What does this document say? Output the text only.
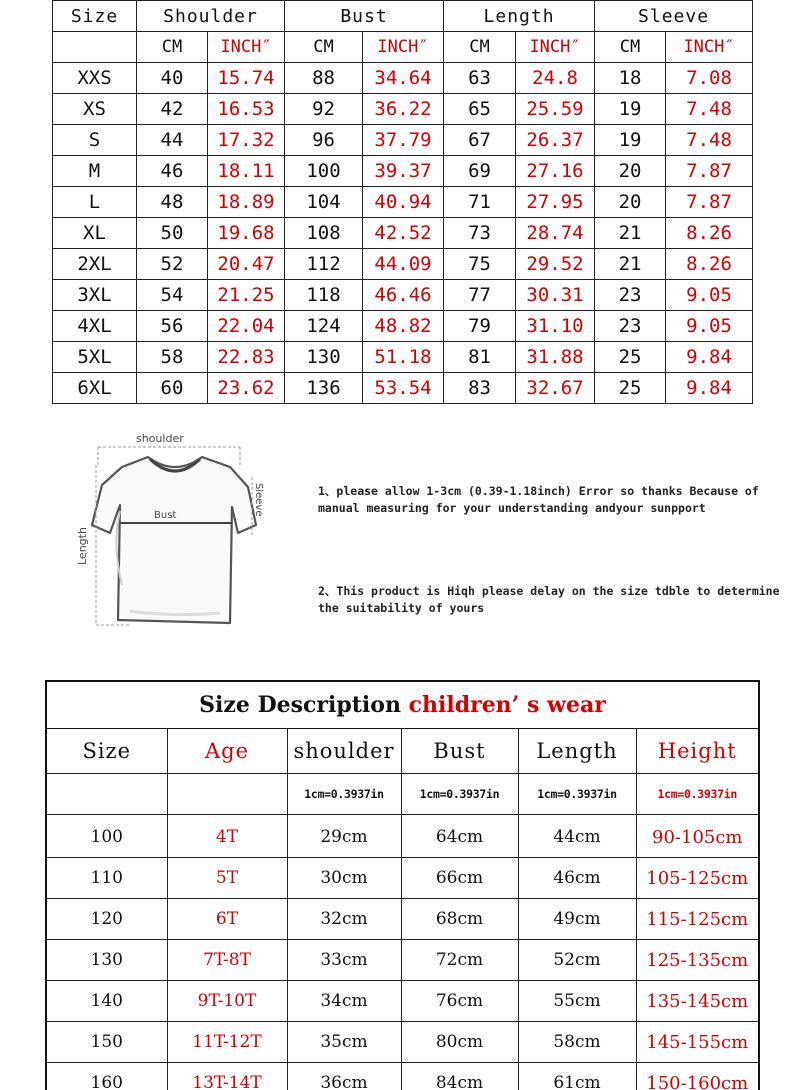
Size	Shoulder		Bust		Length		Sleeve	
	CM	INCH″	CM	INCH″	CM	INCH″	CM	INCH″
XXS	40	15.74	88	34.64	63	24.8	18	7.08
XS	42	16.53	92	36.22	65	25.59	19	7.48
S	44	17.32	96	37.79	67	26.37	19	7.48
M	46	18.11	100	39.37	69	27.16	20	7.87
L	48	18.89	104	40.94	71	27.95	20	7.87
XL	50	19.68	108	42.52	73	28.74	21	8.26
2XL	52	20.47	112	44.09	75	29.52	21	8.26
3XL	54	21.25	118	46.46	77	30.31	23	9.05
4XL	56	22.04	124	48.82	79	31.10	23	9.05
5XL	58	22.83	130	51.18	81	31.88	25	9.84
6XL	60	23.62	136	53.54	83	32.67	25	9.84
shoulder
Bust	Sleeve
Length

1、please allow 1-3cm (0.39-1.18inch) Error so thanks Because of manual measuring for your understanding andyour sunpport

2、This product is Hiqh please delay on the size tdble to determine the suitability of yours

Size Description children’ s wear
Size	Age	shoulder	Bust	Length	Height
		1cm=0.3937in	1cm=0.3937in	1cm=0.3937in	1cm=0.3937in

100	4T	29cm	64cm	44cm	90-105cm
110	5T	30cm	66cm	46cm	105-125cm
120	6T	32cm	68cm	49cm	115-125cm
130	7T-8T	33cm	72cm	52cm	125-135cm
140	9T-10T	34cm	76cm	55cm	135-145cm
150	11T-12T	35cm	80cm	58cm	145-155cm
160	13T-14T	36cm	84cm	61cm	150-160cm
